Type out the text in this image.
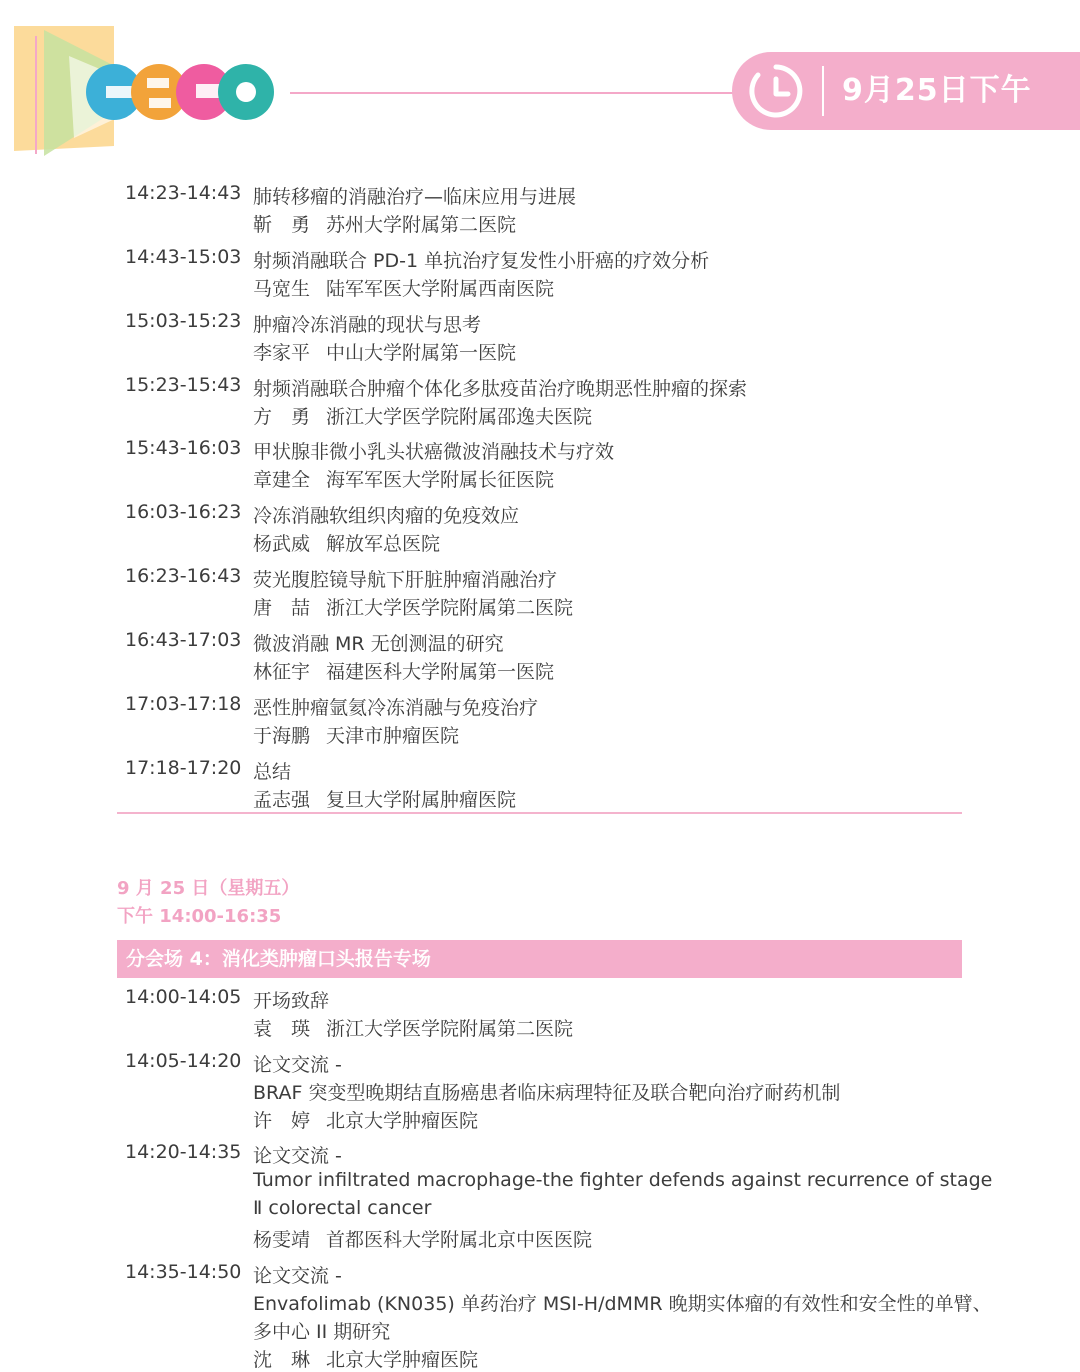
9月25日下午
14:23-14:43 肺转移瘤的消融治疗—临床应用与进展
靳　勇 苏州大学附属第二医院
14:43-15:03 射频消融联合 PD-1 单抗治疗复发性小肝癌的疗效分析
马宽生 陆军军医大学附属西南医院
15:03-15:23 肿瘤冷冻消融的现状与思考
李家平 中山大学附属第一医院
15:23-15:43 射频消融联合肿瘤个体化多肽疫苗治疗晚期恶性肿瘤的探索
方　勇 浙江大学医学院附属邵逸夫医院
15:43-16:03 甲状腺非微小乳头状癌微波消融技术与疗效
章建全 海军军医大学附属长征医院
16:03-16:23 冷冻消融软组织肉瘤的免疫效应
杨武威 解放军总医院
16:23-16:43 荧光腹腔镜导航下肝脏肿瘤消融治疗
唐　喆 浙江大学医学院附属第二医院
16:43-17:03 微波消融 MR 无创测温的研究
林征宇 福建医科大学附属第一医院
17:03-17:18 恶性肿瘤氩氦冷冻消融与免疫治疗
于海鹏 天津市肿瘤医院
17:18-17:20 总结
孟志强 复旦大学附属肿瘤医院
9 月 25 日（星期五）
下午 14:00-16:35
分会场 4：消化类肿瘤口头报告专场
14:00-14:05 开场致辞
袁　瑛 浙江大学医学院附属第二医院
14:05-14:20 论文交流 -
BRAF 突变型晚期结直肠癌患者临床病理特征及联合靶向治疗耐药机制
许　婷 北京大学肿瘤医院
14:20-14:35 论文交流 -
Tumor infiltrated macrophage-the fighter defends against recurrence of stage
Ⅱ colorectal cancer
杨雯靖 首都医科大学附属北京中医医院
14:35-14:50 论文交流 -
Envafolimab (KN035) 单药治疗 MSI-H/dMMR 晚期实体瘤的有效性和安全性的单臂、
多中心 II 期研究
沈　琳 北京大学肿瘤医院
